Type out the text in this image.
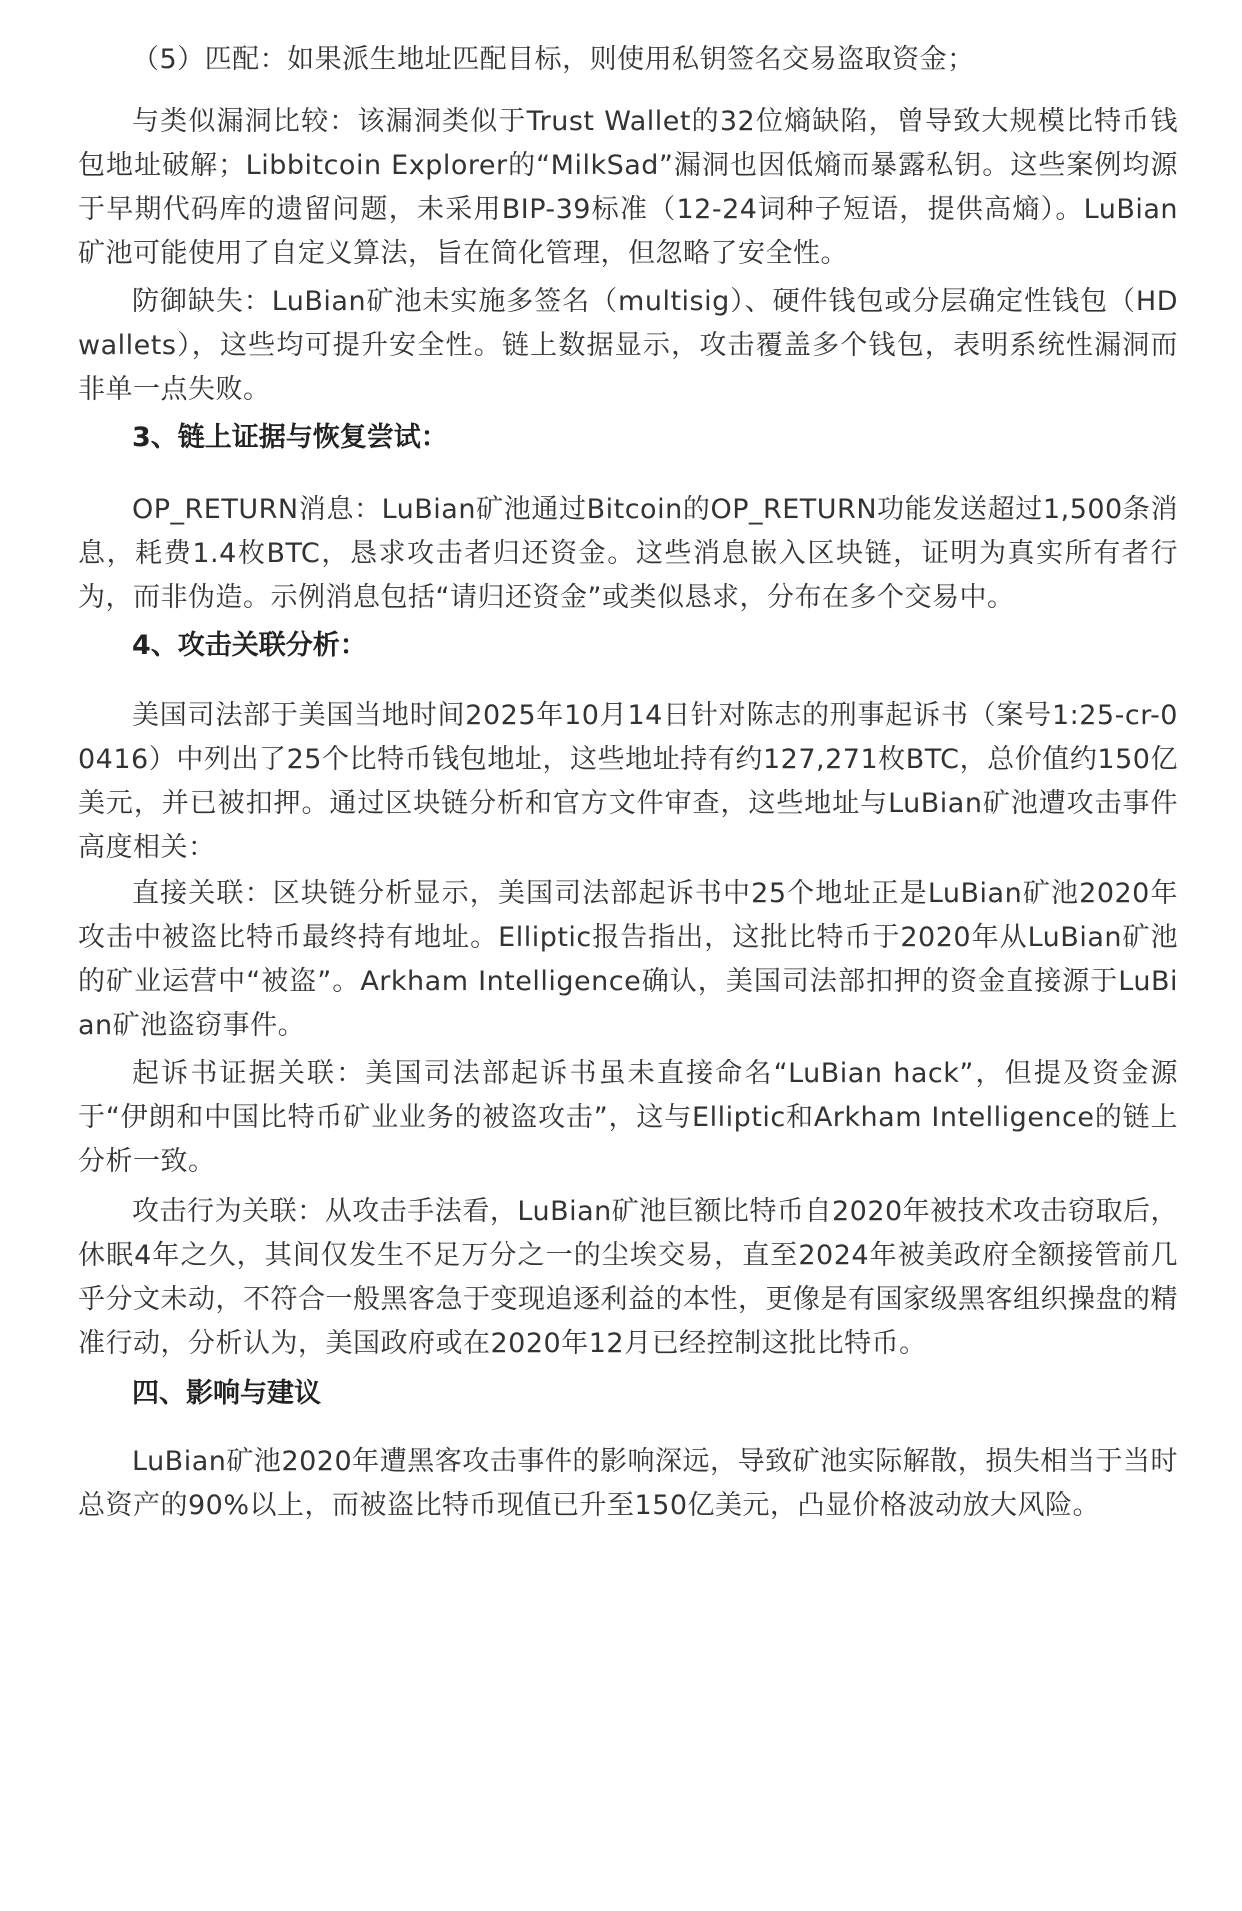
（5）匹配：如果派生地址匹配目标，则使用私钥签名交易盗取资金；

与类似漏洞比较：该漏洞类似于Trust Wallet的32位熵缺陷，曾导致大规模比特币钱包地址破解；Libbitcoin Explorer的“MilkSad”漏洞也因低熵而暴露私钥。这些案例均源于早期代码库的遗留问题，未采用BIP-39标准（12-24词种子短语，提供高熵）。LuBian矿池可能使用了自定义算法，旨在简化管理，但忽略了安全性。

防御缺失：LuBian矿池未实施多签名（multisig）、硬件钱包或分层确定性钱包（HD wallets），这些均可提升安全性。链上数据显示，攻击覆盖多个钱包，表明系统性漏洞而非单一点失败。

3、链上证据与恢复尝试：

OP_RETURN消息：LuBian矿池通过Bitcoin的OP_RETURN功能发送超过1,500条消息，耗费1.4枚BTC，恳求攻击者归还资金。这些消息嵌入区块链，证明为真实所有者行为，而非伪造。示例消息包括“请归还资金”或类似恳求，分布在多个交易中。

4、攻击关联分析：

美国司法部于美国当地时间2025年10月14日针对陈志的刑事起诉书（案号1:25-cr-00416）中列出了25个比特币钱包地址，这些地址持有约127,271枚BTC，总价值约150亿美元，并已被扣押。通过区块链分析和官方文件审查，这些地址与LuBian矿池遭攻击事件高度相关：

直接关联：区块链分析显示，美国司法部起诉书中25个地址正是LuBian矿池2020年攻击中被盗比特币最终持有地址。Elliptic报告指出，这批比特币于2020年从LuBian矿池的矿业运营中“被盗”。Arkham Intelligence确认，美国司法部扣押的资金直接源于LuBian矿池盗窃事件。

起诉书证据关联：美国司法部起诉书虽未直接命名“LuBian hack”，但提及资金源于“伊朗和中国比特币矿业业务的被盗攻击”，这与Elliptic和Arkham Intelligence的链上分析一致。

攻击行为关联：从攻击手法看，LuBian矿池巨额比特币自2020年被技术攻击窃取后，休眠4年之久，其间仅发生不足万分之一的尘埃交易，直至2024年被美政府全额接管前几乎分文未动，不符合一般黑客急于变现追逐利益的本性，更像是有国家级黑客组织操盘的精准行动，分析认为，美国政府或在2020年12月已经控制这批比特币。

四、影响与建议

LuBian矿池2020年遭黑客攻击事件的影响深远，导致矿池实际解散，损失相当于当时总资产的90%以上，而被盗比特币现值已升至150亿美元，凸显价格波动放大风险。
